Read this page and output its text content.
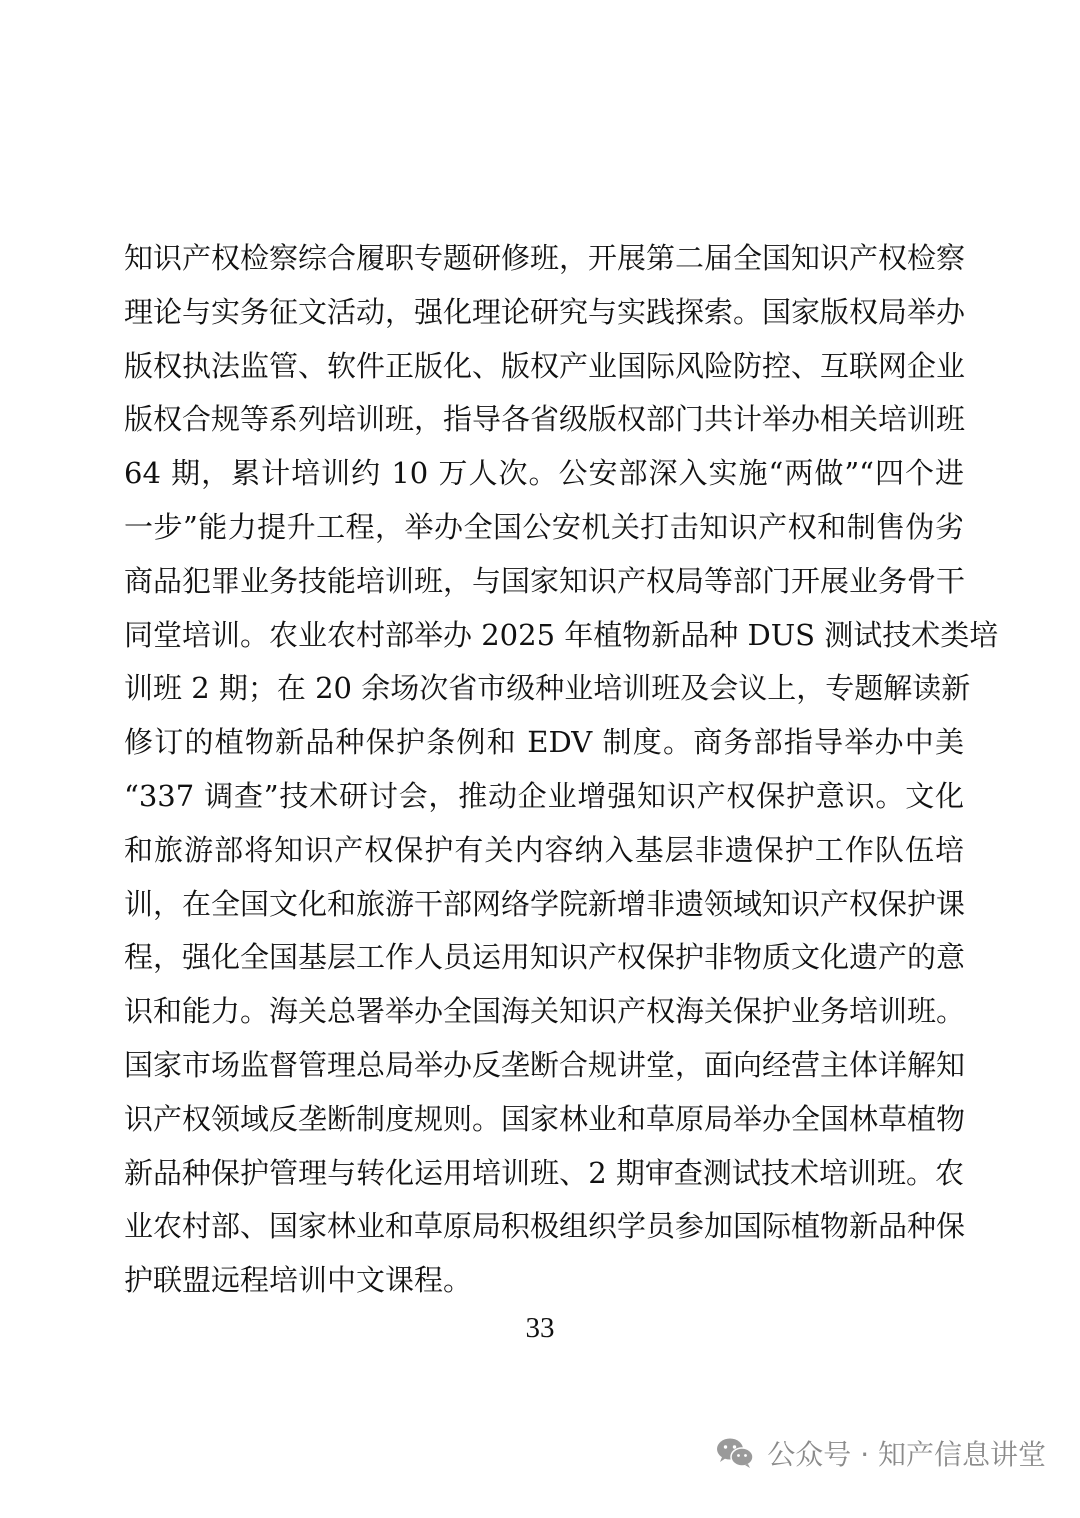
知识产权检察综合履职专题研修班，开展第二届全国知识产权检察
理论与实务征文活动，强化理论研究与实践探索。国家版权局举办
版权执法监管、软件正版化、版权产业国际风险防控、互联网企业
版权合规等系列培训班，指导各省级版权部门共计举办相关培训班
64 期，累计培训约 10 万人次。公安部深入实施“两做”“四个进
一步”能力提升工程，举办全国公安机关打击知识产权和制售伪劣
商品犯罪业务技能培训班，与国家知识产权局等部门开展业务骨干
同堂培训。农业农村部举办 2025 年植物新品种 DUS 测试技术类培
训班 2 期；在 20 余场次省市级种业培训班及会议上，专题解读新
修订的植物新品种保护条例和 EDV 制度。商务部指导举办中美
“337 调查”技术研讨会，推动企业增强知识产权保护意识。文化
和旅游部将知识产权保护有关内容纳入基层非遗保护工作队伍培
训，在全国文化和旅游干部网络学院新增非遗领域知识产权保护课
程，强化全国基层工作人员运用知识产权保护非物质文化遗产的意
识和能力。海关总署举办全国海关知识产权海关保护业务培训班。
国家市场监督管理总局举办反垄断合规讲堂，面向经营主体详解知
识产权领域反垄断制度规则。国家林业和草原局举办全国林草植物
新品种保护管理与转化运用培训班、2 期审查测试技术培训班。农
业农村部、国家林业和草原局积极组织学员参加国际植物新品种保
护联盟远程培训中文课程。
33
公众号 · 知产信息讲堂
